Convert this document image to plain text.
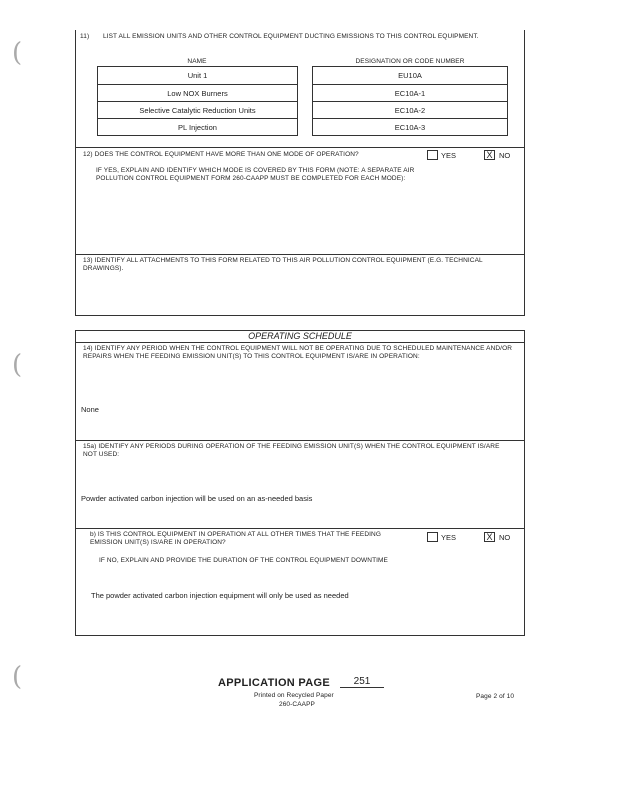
(
(
(
11)	LIST ALL EMISSION UNITS AND OTHER CONTROL EQUIPMENT DUCTING EMISSIONS TO THIS CONTROL EQUIPMENT.
NAME	DESIGNATION OR CODE NUMBER
Unit 1	EU10A
Low NOX Burners	EC10A-1
Selective Catalytic Reduction Units	EC10A-2
PL Injection	EC10A-3
12) DOES THE CONTROL EQUIPMENT HAVE MORE THAN ONE MODE OF OPERATION?	YES	X NO
IF YES, EXPLAIN AND IDENTIFY WHICH MODE IS COVERED BY THIS FORM (NOTE: A SEPARATE AIR POLLUTION CONTROL EQUIPMENT FORM 260-CAAPP MUST BE COMPLETED FOR EACH MODE):
13) IDENTIFY ALL ATTACHMENTS TO THIS FORM RELATED TO THIS AIR POLLUTION CONTROL EQUIPMENT (E.G. TECHNICAL DRAWINGS).
OPERATING SCHEDULE
14) IDENTIFY ANY PERIOD WHEN THE CONTROL EQUIPMENT WILL NOT BE OPERATING DUE TO SCHEDULED MAINTENANCE AND/OR REPAIRS WHEN THE FEEDING EMISSION UNIT(S) TO THIS CONTROL EQUIPMENT IS/ARE IN OPERATION:
None
15a) IDENTIFY ANY PERIODS DURING OPERATION OF THE FEEDING EMISSION UNIT(S) WHEN THE CONTROL EQUIPMENT IS/ARE NOT USED:
Powder activated carbon injection will be used on an as-needed basis
b) IS THIS CONTROL EQUIPMENT IN OPERATION AT ALL OTHER TIMES THAT THE FEEDING EMISSION UNIT(S) IS/ARE IN OPERATION?
YES	X NO
IF NO, EXPLAIN AND PROVIDE THE DURATION OF THE CONTROL EQUIPMENT DOWNTIME
The powder activated carbon injection equipment will only be used as needed
APPLICATION PAGE	251
Printed on Recycled Paper
260-CAAPP
Page 2 of 10
